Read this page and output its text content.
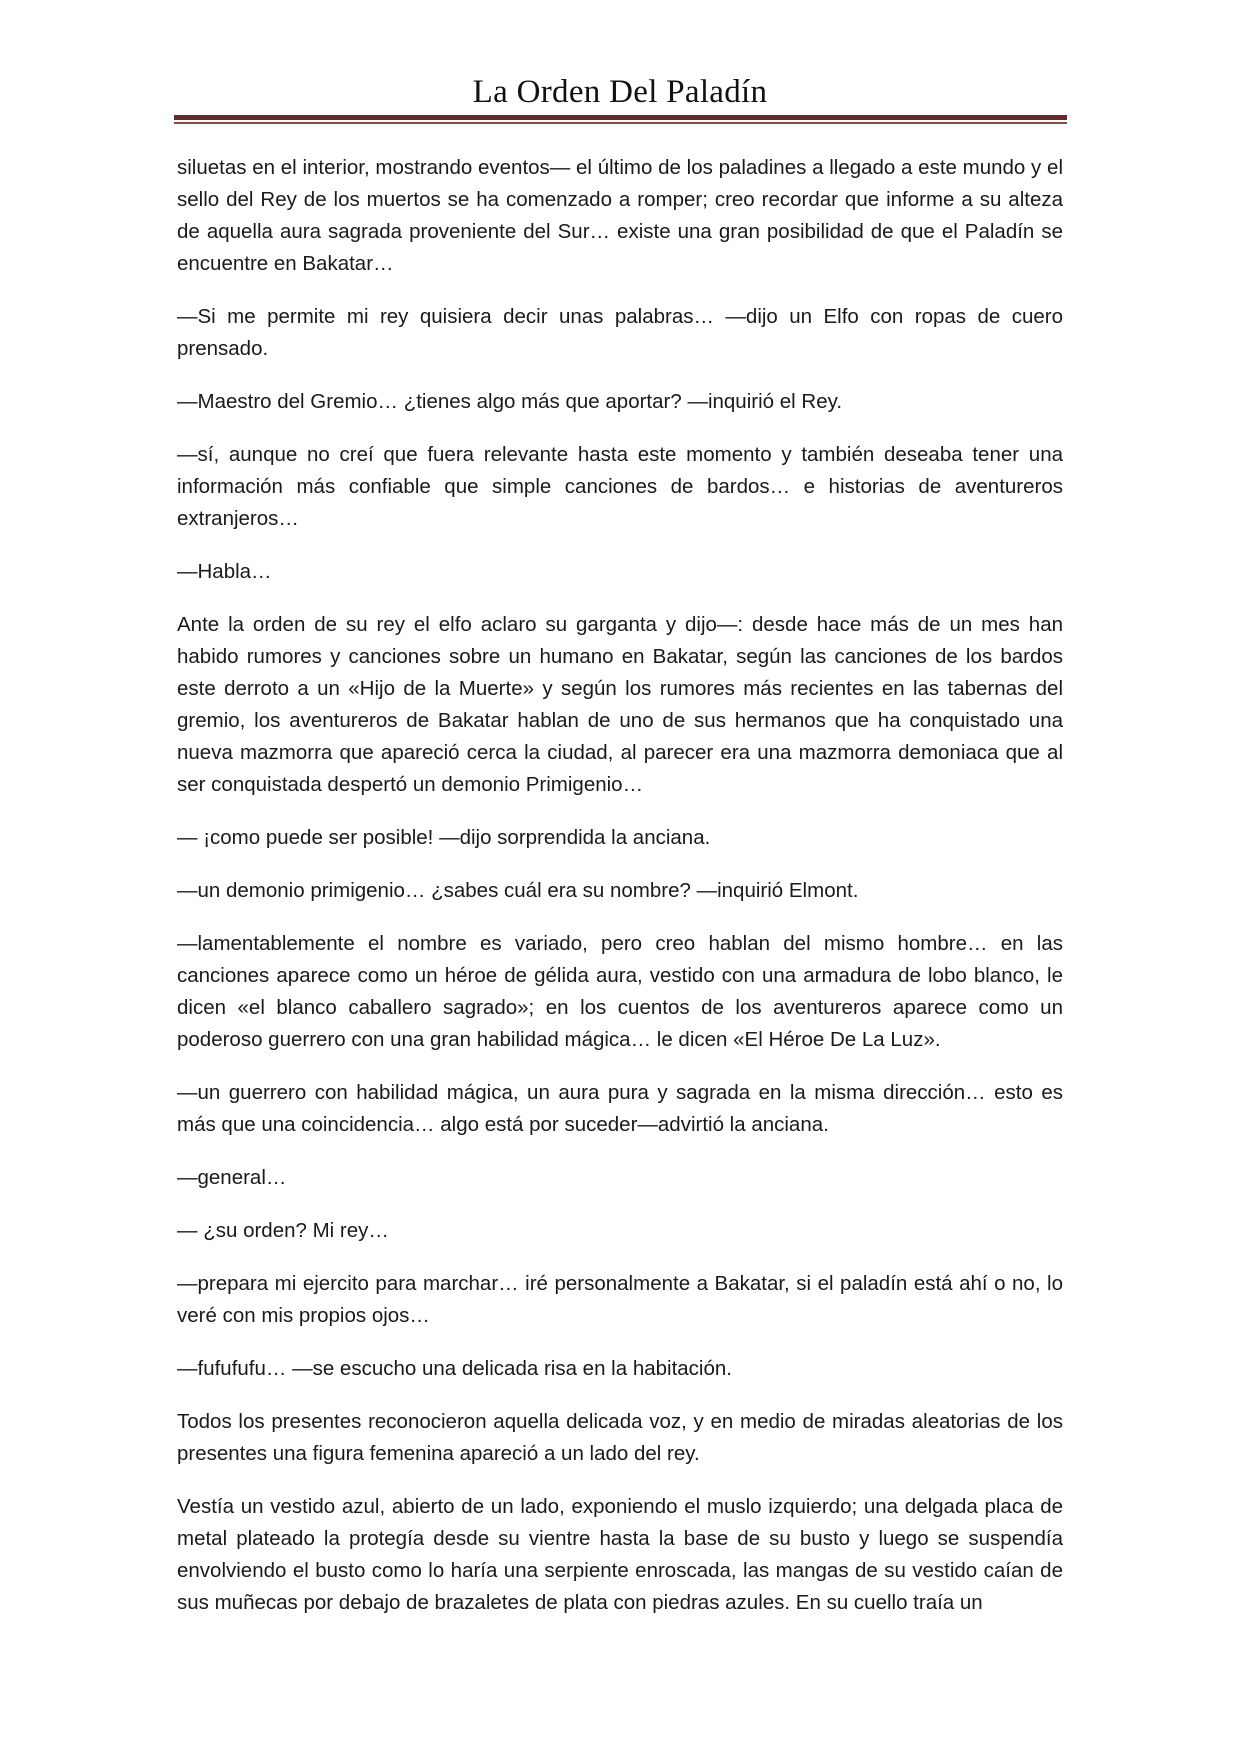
La Orden Del Paladín

siluetas en el interior, mostrando eventos— el último de los paladines a llegado a este mundo y el sello del Rey de los muertos se ha comenzado a romper; creo recordar que informe a su alteza de aquella aura sagrada proveniente del Sur… existe una gran posibilidad de que el Paladín se encuentre en Bakatar…

—Si me permite mi rey quisiera decir unas palabras… —dijo un Elfo con ropas de cuero prensado.

—Maestro del Gremio… ¿tienes algo más que aportar? —inquirió el Rey.

—sí, aunque no creí que fuera relevante hasta este momento y también deseaba tener una información más confiable que simple canciones de bardos… e historias de aventureros extranjeros…

—Habla…

Ante la orden de su rey el elfo aclaro su garganta y dijo—: desde hace más de un mes han habido rumores y canciones sobre un humano en Bakatar, según las canciones de los bardos este derroto a un «Hijo de la Muerte» y según los rumores más recientes en las tabernas del gremio, los aventureros de Bakatar hablan de uno de sus hermanos que ha conquistado una nueva mazmorra que apareció cerca la ciudad, al parecer era una mazmorra demoniaca que al ser conquistada despertó un demonio Primigenio…

— ¡como puede ser posible! —dijo sorprendida la anciana.

—un demonio primigenio… ¿sabes cuál era su nombre? —inquirió Elmont.

—lamentablemente el nombre es variado, pero creo hablan del mismo hombre… en las canciones aparece como un héroe de gélida aura, vestido con una armadura de lobo blanco, le dicen «el blanco caballero sagrado»; en los cuentos de los aventureros aparece como un poderoso guerrero con una gran habilidad mágica… le dicen «El Héroe De La Luz».

—un guerrero con habilidad mágica, un aura pura y sagrada en la misma dirección… esto es más que una coincidencia… algo está por suceder—advirtió la anciana.

—general…

— ¿su orden? Mi rey…

—prepara mi ejercito para marchar… iré personalmente a Bakatar, si el paladín está ahí o no, lo veré con mis propios ojos…

—fufufufu… —se escucho una delicada risa en la habitación.

Todos los presentes reconocieron aquella delicada voz, y en medio de miradas aleatorias de los presentes una figura femenina apareció a un lado del rey.

Vestía un vestido azul, abierto de un lado, exponiendo el muslo izquierdo; una delgada placa de metal plateado la protegía desde su vientre hasta la base de su busto y luego se suspendía envolviendo el busto como lo haría una serpiente enroscada, las mangas de su vestido caían de sus muñecas por debajo de brazaletes de plata con piedras azules. En su cuello traía un
